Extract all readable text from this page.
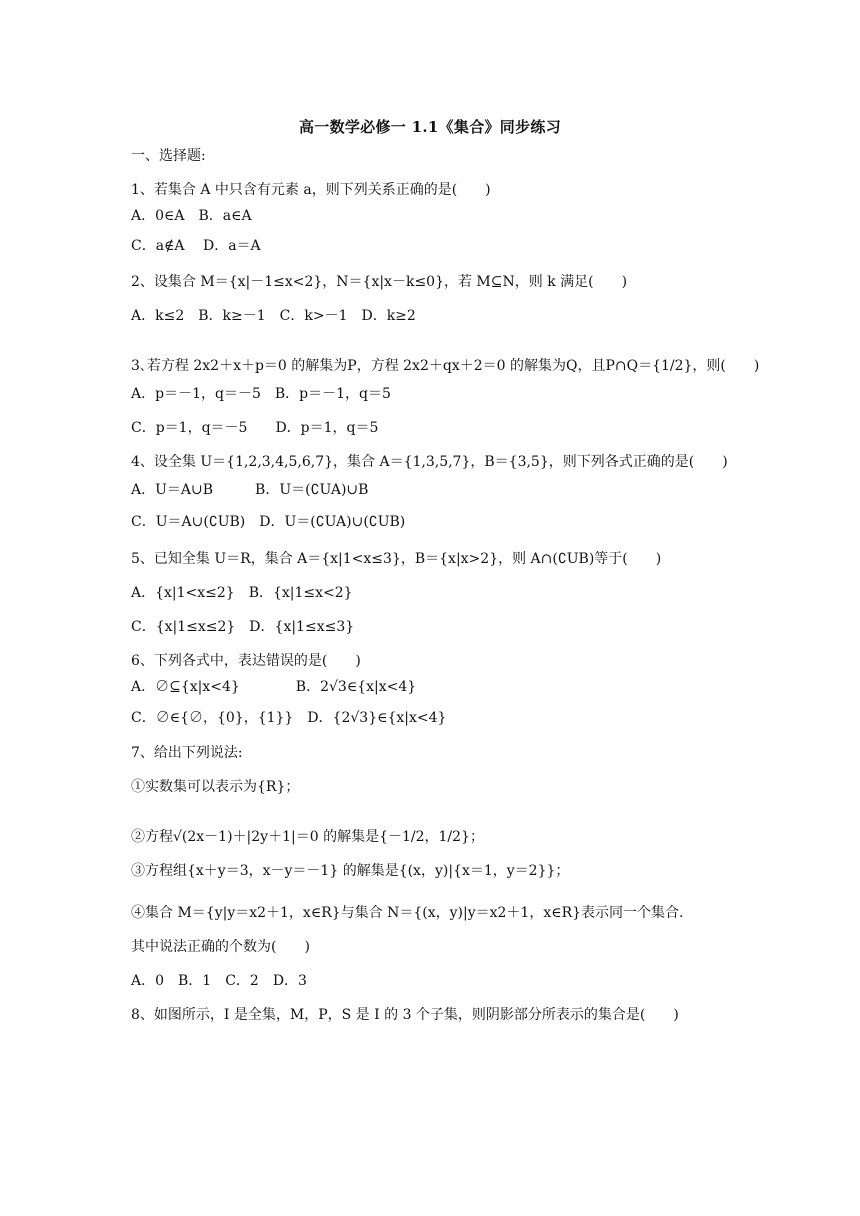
高一数学必修一 1.1《集合》同步练习
一、选择题:
1、若集合 A 中只含有元素 a，则下列关系正确的是(　　)
A．0∈A　B．a∈A
C．a∉A　 D．a＝A
2、设集合 M＝{x|－1≤x<2}，N＝{x|x－k≤0}，若 M⊆N，则 k 满足(　　)
A．k≤2　B．k≥－1　C．k>－1　D．k≥2
3､若方程 2x2＋x＋p＝0 的解集为P，方程 2x2＋qx＋2＝0 的解集为Q，且P∩Q＝{1/2}，则(　　)
A．p＝－1，q＝－5　B．p＝－1，q＝5
C．p＝1，q＝－5　　D．p＝1，q＝5
4、设全集 U＝{1,2,3,4,5,6,7}，集合 A＝{1,3,5,7}，B＝{3,5}，则下列各式正确的是(　　)
A．U＝A∪B　　　B．U＝(∁UA)∪B
C．U＝A∪(∁UB)　D．U＝(∁UA)∪(∁UB)
5、已知全集 U＝R，集合 A＝{x|1<x≤3}，B＝{x|x>2}，则 A∩(∁UB)等于(　　)
A．{x|1<x≤2}　B．{x|1≤x<2}
C．{x|1≤x≤2}　D．{x|1≤x≤3}
6、下列各式中，表达错误的是(　　)
A．∅⊆{x|x<4}　　　　B．2√3∈{x|x<4}
C．∅∈{∅，{0}，{1}}　D．{2√3}∈{x|x<4}
7、给出下列说法:
①实数集可以表示为{R}；
②方程√(2x－1)＋|2y＋1|＝0 的解集是{－1/2，1/2}；
③方程组{x＋y＝3，x－y＝－1} 的解集是{(x，y)|{x＝1，y＝2}}；
④集合 M＝{y|y＝x2＋1，x∈R}与集合 N＝{(x，y)|y＝x2＋1，x∈R}表示同一个集合.
其中说法正确的个数为(　　)
A．0　B．1　C．2　D．3
8、如图所示，I 是全集，M，P，S 是 I 的 3 个子集，则阴影部分所表示的集合是(　　)
